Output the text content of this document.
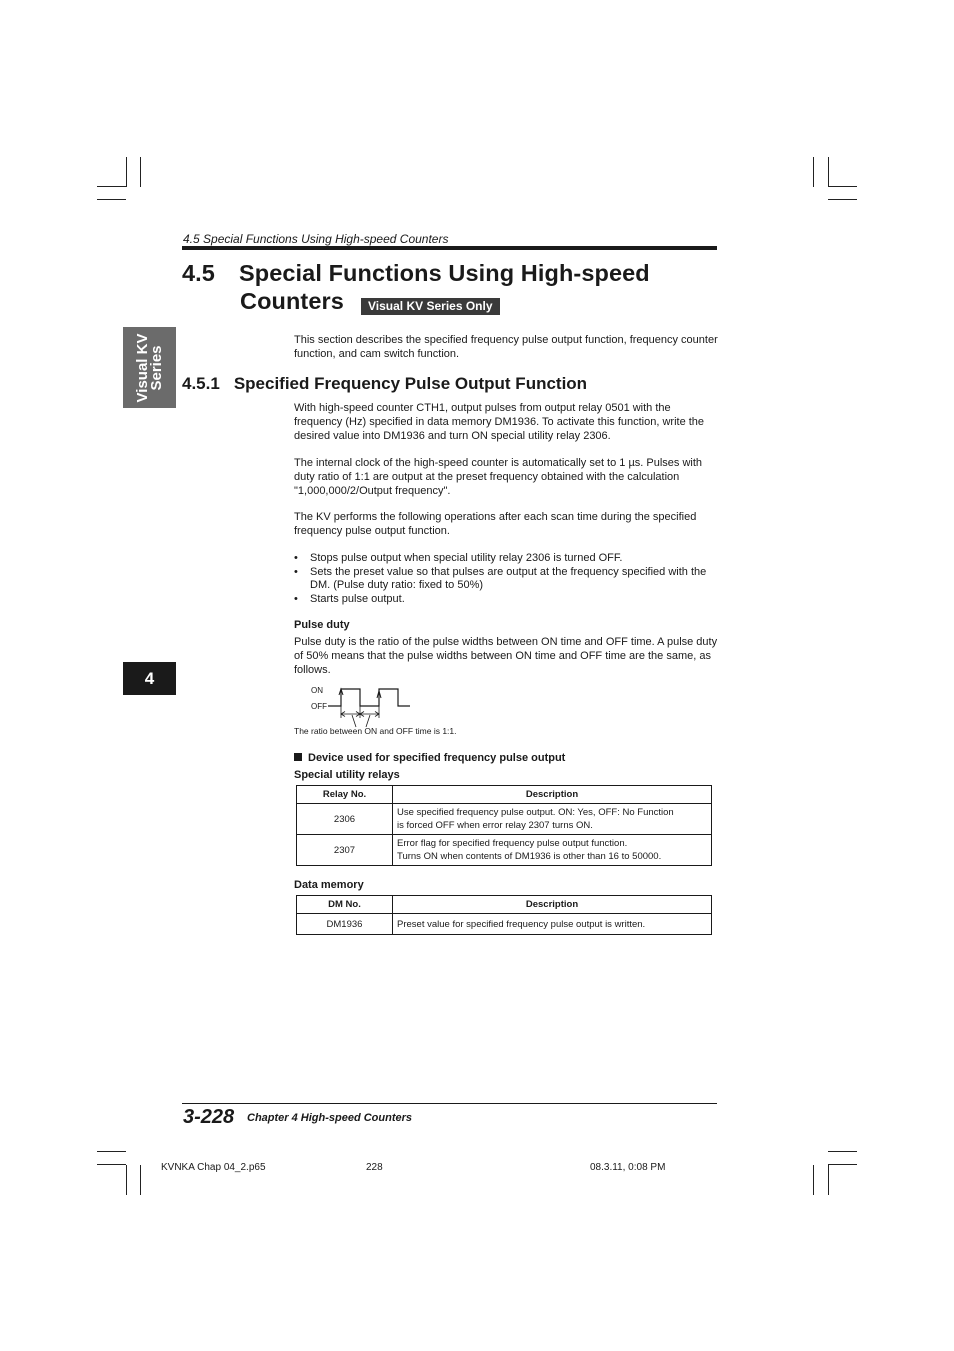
4.5 Special Functions Using High-speed Counters
4.5 Special Functions Using High-speed
Counters	Visual KV Series Only
Visual KV
Series
4
This section describes the specified frequency pulse output function, frequency counter function, and cam switch function.
4.5.1 Specified Frequency Pulse Output Function
With high-speed counter CTH1, output pulses from output relay 0501 with the frequency (Hz) specified in data memory DM1936. To activate this function, write the desired value into DM1936 and turn ON special utility relay 2306.
The internal clock of the high-speed counter is automatically set to 1 µs. Pulses with duty ratio of 1:1 are output at the preset frequency obtained with the calculation "1,000,000/2/Output frequency".
The KV performs the following operations after each scan time during the specified frequency pulse output function.
• Stops pulse output when special utility relay 2306 is turned OFF.
• Sets the preset value so that pulses are output at the frequency specified with the DM. (Pulse duty ratio: fixed to 50%)
• Starts pulse output.
Pulse duty
Pulse duty is the ratio of the pulse widths between ON time and OFF time. A pulse duty of 50% means that the pulse widths between ON time and OFF time are the same, as follows.
ON
OFF
The ratio between ON and OFF time is 1:1.
Device used for specified frequency pulse output
Special utility relays
Relay No.	Description
2306	Use specified frequency pulse output. ON: Yes, OFF: No Function
is forced OFF when error relay 2307 turns ON.

2307	Error flag for specified frequency pulse output function.
Turns ON when contents of DM1936 is other than 16 to 50000.
Data memory
DM No.	Description
DM1936	Preset value for specified frequency pulse output is written.
3-228 Chapter 4 High-speed Counters
KVNKA Chap 04_2.p65	228	08.3.11, 0:08 PM
